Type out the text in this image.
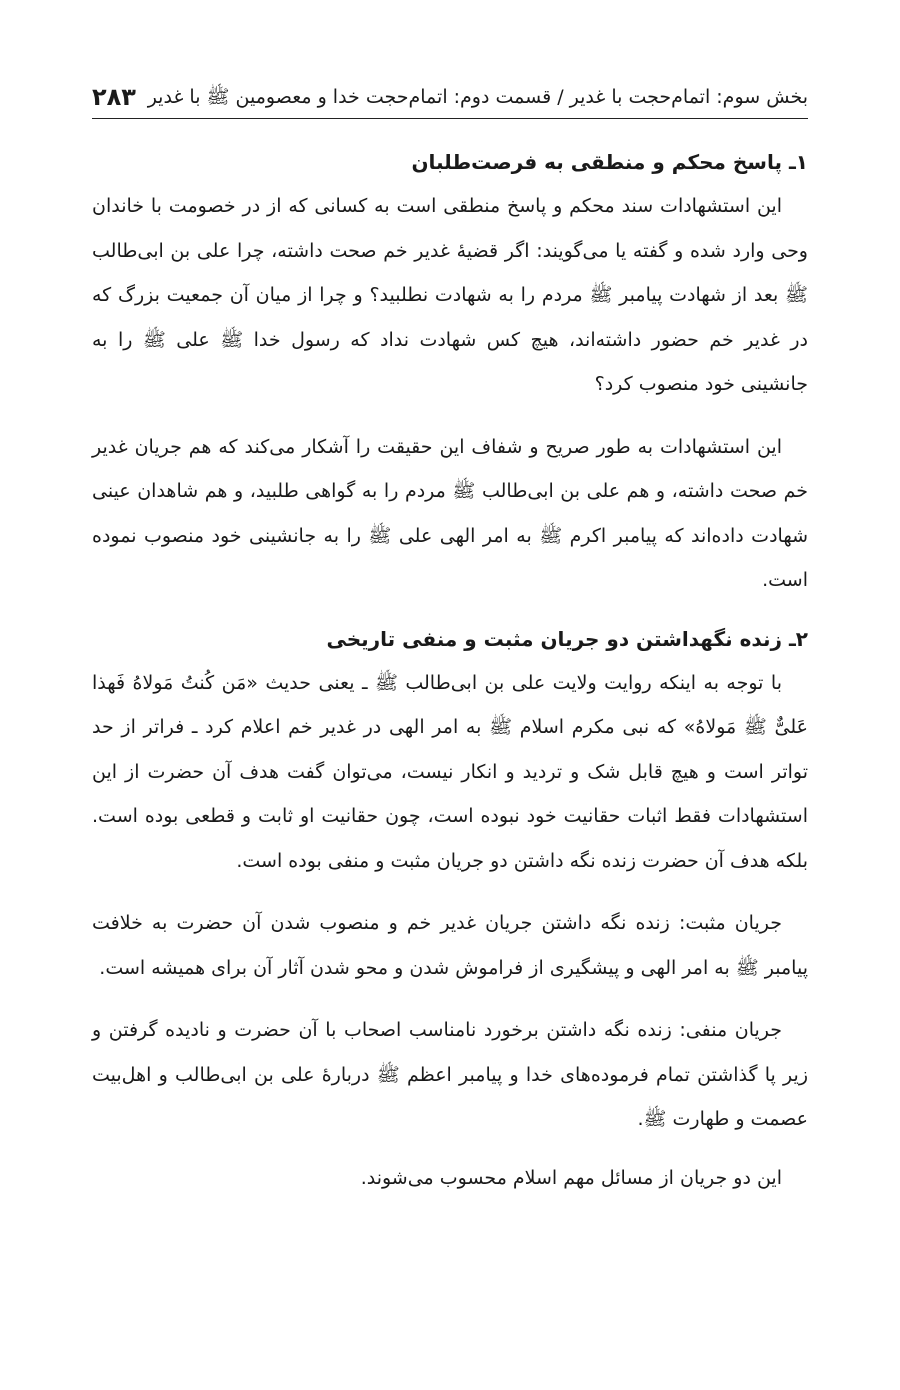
بخش سوم: اتمام‌حجت با غدیر / قسمت دوم: اتمام‌حجت خدا و معصومین ﷺ با غدیر
۲۸۳
۱ـ پاسخ محکم و منطقی به فرصت‌طلبان

این استشهادات سند محکم و پاسخ منطقی است به کسانی که از در خصومت با خاندان وحی وارد شده و گفته یا می‌گویند: اگر قضیهٔ غدیر خم صحت داشته، چرا علی بن ابی‌طالب ﷺ بعد از شهادت پیامبر ﷺ مردم را به شهادت نطلبید؟ و چرا از میان آن جمعیت بزرگ که در غدیر خم حضور داشته‌اند، هیچ کس شهادت نداد که رسول خدا ﷺ علی ﷺ را به جانشینی خود منصوب کرد؟

این استشهادات به طور صریح و شفاف این حقیقت را آشکار می‌کند که هم جریان غدیر خم صحت داشته، و هم علی بن ابی‌طالب ﷺ مردم را به گواهی طلبید، و هم شاهدان عینی شهادت داده‌اند که پیامبر اکرم ﷺ به امر الهی علی ﷺ را به جانشینی خود منصوب نموده است.

۲ـ زنده نگهداشتن دو جریان مثبت و منفی تاریخی

با توجه به اینکه روایت ولایت علی بن ابی‌طالب ﷺ ـ یعنی حدیث «مَن کُنتُ مَولاهُ فَهذا عَلیٌّ ﷺ مَولاهُ» که نبی مکرم اسلام ﷺ به امر الهی در غدیر خم اعلام کرد ـ فراتر از حد تواتر است و هیچ قابل شک و تردید و انکار نیست، می‌توان گفت هدف آن حضرت از این استشهادات فقط اثبات حقانیت خود نبوده است، چون حقانیت او ثابت و قطعی بوده است. بلکه هدف آن حضرت زنده نگه داشتن دو جریان مثبت و منفی بوده است.

جریان مثبت: زنده نگه داشتن جریان غدیر خم و منصوب شدن آن حضرت به خلافت پیامبر ﷺ به امر الهی و پیشگیری از فراموش شدن و محو شدن آثار آن برای همیشه است.

جریان منفی: زنده نگه داشتن برخورد نامناسب اصحاب با آن حضرت و نادیده گرفتن و زیر پا گذاشتن تمام فرموده‌های خدا و پیامبر اعظم ﷺ دربارهٔ علی بن ابی‌طالب و اهل‌بیت عصمت و طهارت ﷺ.

این دو جریان از مسائل مهم اسلام محسوب می‌شوند.
